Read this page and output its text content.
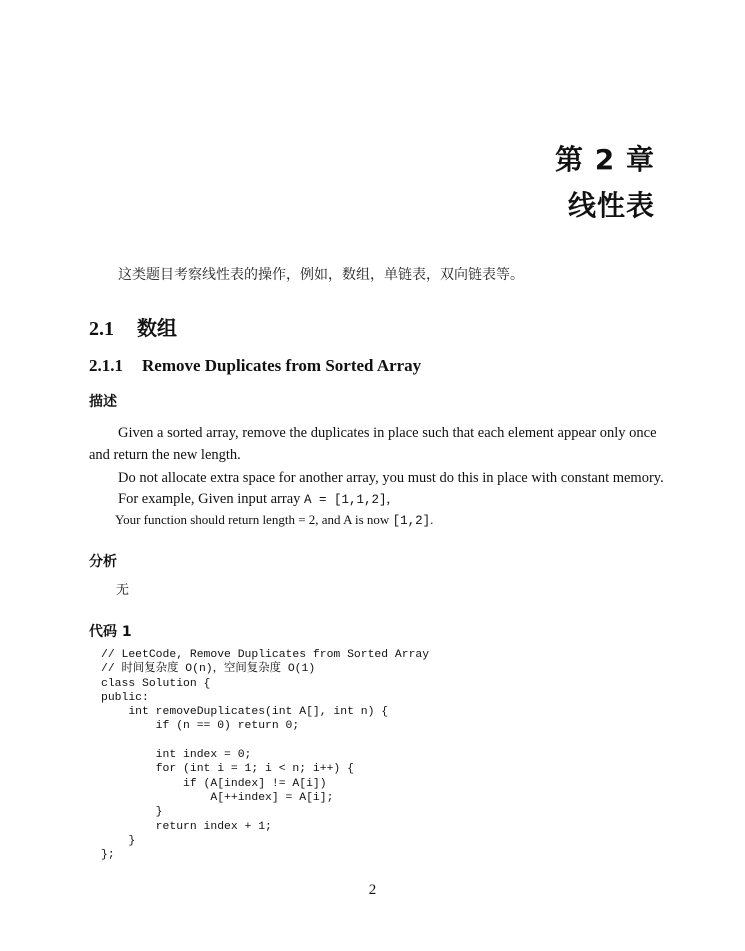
第 2 章
线性表
这类题目考察线性表的操作，例如，数组，单链表，双向链表等。
2.1 数组
2.1.1 Remove Duplicates from Sorted Array
描述
Given a sorted array, remove the duplicates in place such that each element appear only once
and return the new length.
Do not allocate extra space for another array, you must do this in place with constant memory.
For example, Given input array A = [1,1,2],
Your function should return length = 2, and A is now [1,2].
分析
无
代码 1
// LeetCode, Remove Duplicates from Sorted Array
// 时间复杂度 O(n)，空间复杂度 O(1)
class Solution {
public:
int removeDuplicates(int A[], int n) {
if (n == 0) return 0;

int index = 0;
for (int i = 1; i < n; i++) {
if (A[index] != A[i])
A[++index] = A[i];
}
return index + 1;
}
};
2
